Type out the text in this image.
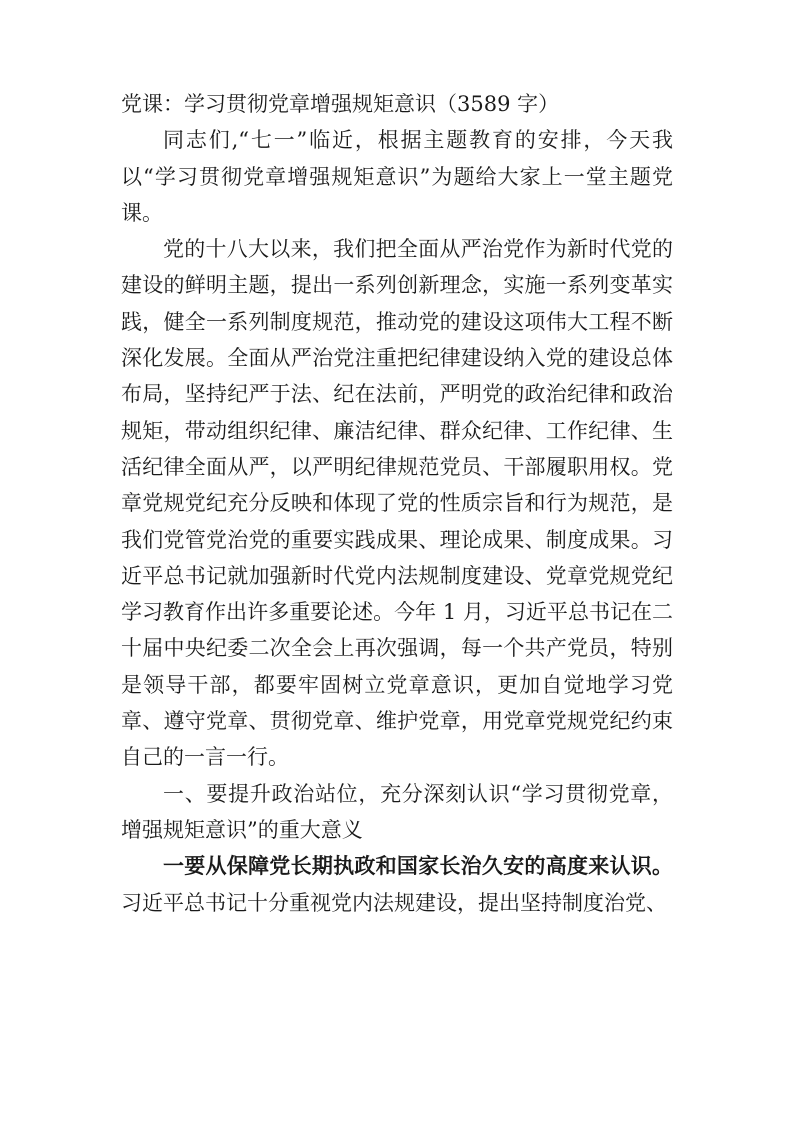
党课：学习贯彻党章增强规矩意识（3589 字）

同志们,“七一”临近，根据主题教育的安排，今天我以“学习贯彻党章增强规矩意识”为题给大家上一堂主题党课。

党的十八大以来，我们把全面从严治党作为新时代党的建设的鲜明主题，提出一系列创新理念，实施一系列变革实践，健全一系列制度规范，推动党的建设这项伟大工程不断深化发展。全面从严治党注重把纪律建设纳入党的建设总体布局，坚持纪严于法、纪在法前，严明党的政治纪律和政治规矩，带动组织纪律、廉洁纪律、群众纪律、工作纪律、生活纪律全面从严，以严明纪律规范党员、干部履职用权。党章党规党纪充分反映和体现了党的性质宗旨和行为规范，是我们党管党治党的重要实践成果、理论成果、制度成果。习近平总书记就加强新时代党内法规制度建设、党章党规党纪学习教育作出许多重要论述。今年 1 月，习近平总书记在二十届中央纪委二次全会上再次强调，每一个共产党员，特别是领导干部，都要牢固树立党章意识，更加自觉地学习党章、遵守党章、贯彻党章、维护党章，用党章党规党纪约束自己的一言一行。

一、要提升政治站位，充分深刻认识“学习贯彻党章，增强规矩意识”的重大意义

一要从保障党长期执政和国家长治久安的高度来认识。习近平总书记十分重视党内法规建设，提出坚持制度治党、
